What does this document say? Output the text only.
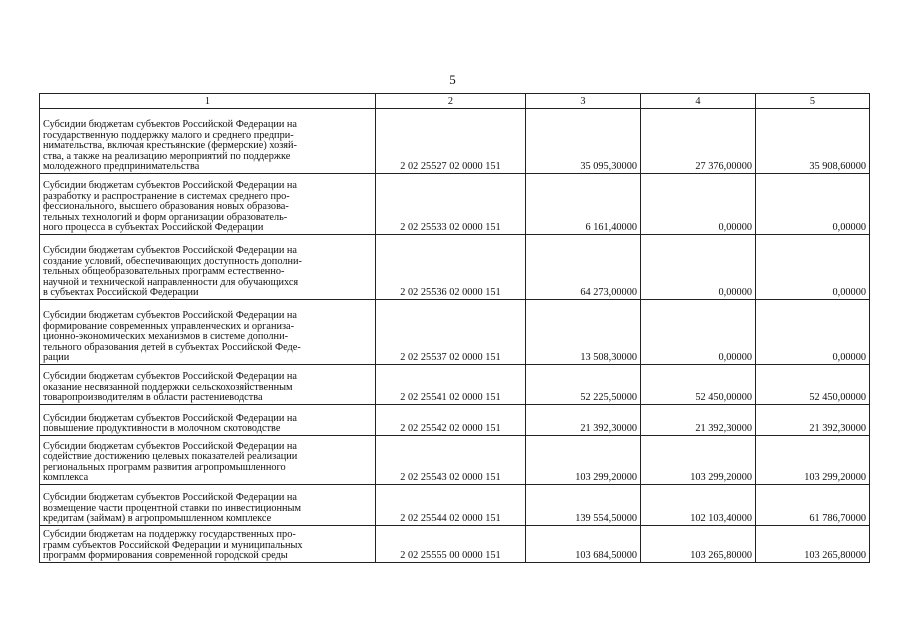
5
1	2	3	4	5

Субсидии бюджетам субъектов Российской Федерации на
государственную поддержку малого и среднего предпри-
нимательства, включая крестьянские (фермерские) хозяй-
ства, а также на реализацию мероприятий по поддержке
молодежного предпринимательства	2 02 25527 02 0000 151	35 095,30000	27 376,00000	35 908,60000

Субсидии бюджетам субъектов Российской Федерации на
разработку и распространение в системах среднего про-
фессионального, высшего образования новых образова-
тельных технологий и форм организации образователь-
ного процесса в субъектах Российской Федерации	2 02 25533 02 0000 151	6 161,40000	0,00000	0,00000

Субсидии бюджетам субъектов Российской Федерации на
создание условий, обеспечивающих доступность дополни-
тельных общеобразовательных программ естественно-
научной и технической направленности для обучающихся
в субъектах Российской Федерации	2 02 25536 02 0000 151	64 273,00000	0,00000	0,00000

Субсидии бюджетам субъектов Российской Федерации на
формирование современных управленческих и организа-
ционно-экономических механизмов в системе дополни-
тельного образования детей в субъектах Российской Феде-
рации	2 02 25537 02 0000 151	13 508,30000	0,00000	0,00000

Субсидии бюджетам субъектов Российской Федерации на
оказание несвязанной поддержки сельскохозяйственным
товаропроизводителям в области растениеводства	2 02 25541 02 0000 151	52 225,50000	52 450,00000	52 450,00000

Субсидии бюджетам субъектов Российской Федерации на
повышение продуктивности в молочном скотоводстве	2 02 25542 02 0000 151	21 392,30000	21 392,30000	21 392,30000

Субсидии бюджетам субъектов Российской Федерации на
содействие достижению целевых показателей реализации
региональных программ развития агропромышленного
комплекса	2 02 25543 02 0000 151	103 299,20000	103 299,20000	103 299,20000

Субсидии бюджетам субъектов Российской Федерации на
возмещение части процентной ставки по инвестиционным
кредитам (займам) в агропромышленном комплексе	2 02 25544 02 0000 151	139 554,50000	102 103,40000	61 786,70000

Субсидии бюджетам на поддержку государственных про-
грамм субъектов Российской Федерации и муниципальных
программ формирования современной городской среды	2 02 25555 00 0000 151	103 684,50000	103 265,80000	103 265,80000
